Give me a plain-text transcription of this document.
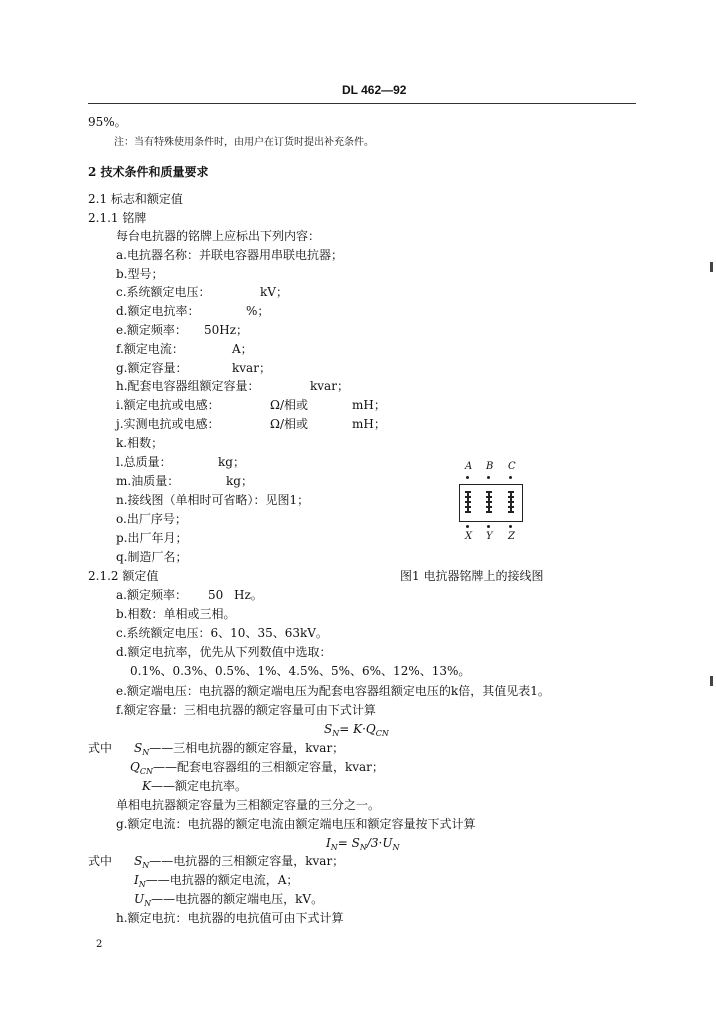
DL 462—92
95%。
注：当有特殊使用条件时，由用户在订货时提出补充条件。
2 技术条件和质量要求
2.1 标志和额定值
2.1.1 铭牌
每台电抗器的铭牌上应标出下列内容：
a.电抗器名称：并联电容器用串联电抗器；
b.型号；
c.系统额定电压：	kV；
d.额定电抗率：	%；
e.额定频率： 50Hz；
f.额定电流：	A；
g.额定容量：	kvar；
h.配套电容器组额定容量：	kvar；
i.额定电抗或电感：	Ω/相或	mH；
j.实测电抗或电感：	Ω/相或	mH；
k.相数；
l.总质量：	kg；
m.油质量：	kg；
n.接线图（单相时可省略）：见图1；
o.出厂序号；
p.出厂年月；
q.制造厂名；
A B C
X Y Z
图1 电抗器铭牌上的接线图
2.1.2 额定值
a.额定频率： 50 Hz。
b.相数：单相或三相。
c.系统额定电压：6、10、35、63kV。
d.额定电抗率，优先从下列数值中选取：
0.1%、0.3%、0.5%、1%、4.5%、5%、6%、12%、13%。
e.额定端电压：电抗器的额定端电压为配套电容器组额定电压的k倍，其值见表1。
f.额定容量：三相电抗器的额定容量可由下式计算
$S_N= K\cdot Q_{CN}$
式中 $S_N——$三相电抗器的额定容量，kvar；
$Q_{CN}——$配套电容器组的三相额定容量，kvar；
K——额定电抗率。
单相电抗器额定容量为三相额定容量的三分之一。
g.额定电流：电抗器的额定电流由额定端电压和额定容量按下式计算
$I_N= S_N/3\cdot U_N$
式中 $S_N——$电抗器的三相额定容量，kvar；
$I_N——$电抗器的额定电流，A；
$U_N——$电抗器的额定端电压，kV。
h.额定电抗：电抗器的电抗值可由下式计算
2
